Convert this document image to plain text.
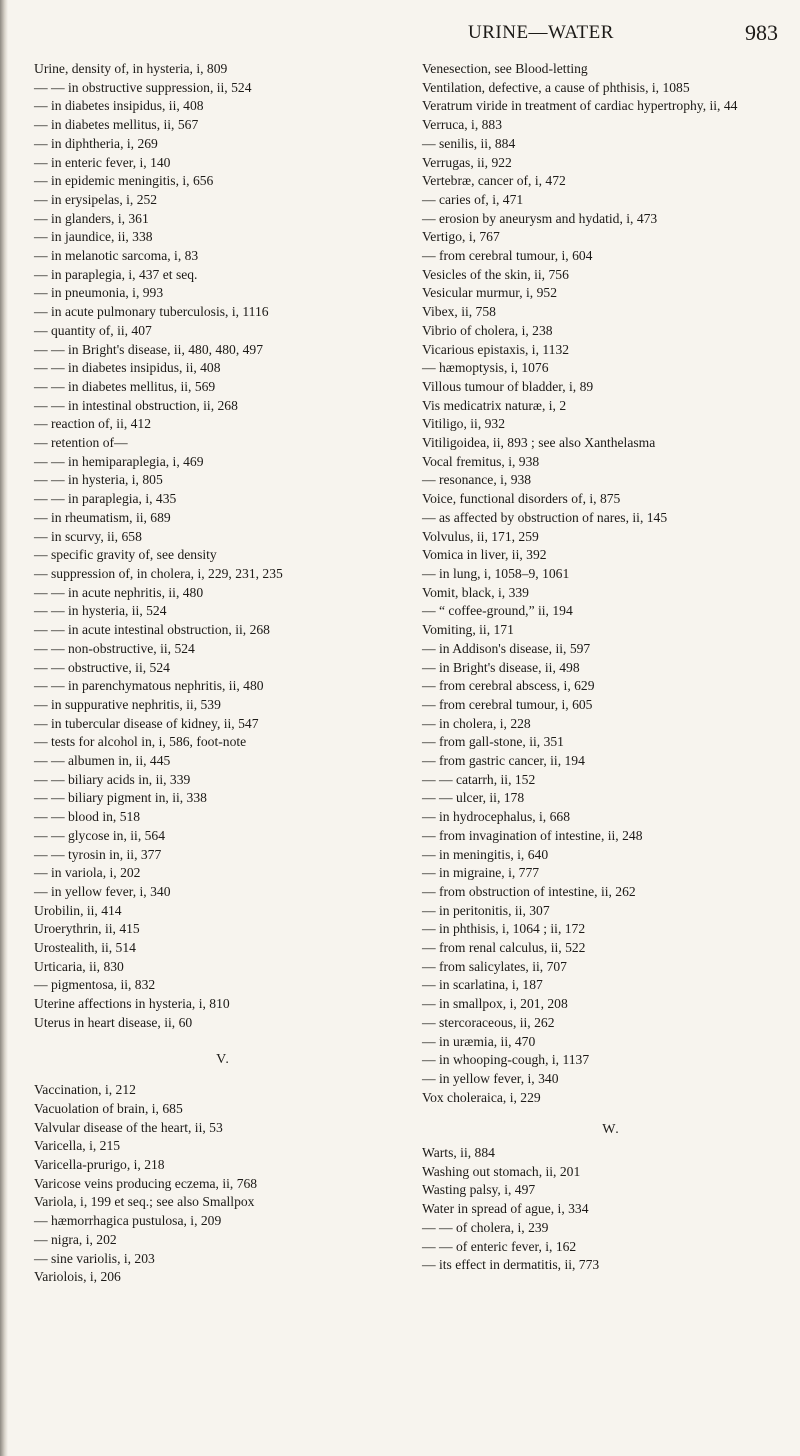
URINE—WATER	983
Urine, density of, in hysteria, i, 809
— — in obstructive suppression, ii, 524
— in diabetes insipidus, ii, 408
— in diabetes mellitus, ii, 567
— in diphtheria, i, 269
— in enteric fever, i, 140
— in epidemic meningitis, i, 656
— in erysipelas, i, 252
— in glanders, i, 361
— in jaundice, ii, 338
— in melanotic sarcoma, i, 83
— in paraplegia, i, 437 et seq.
— in pneumonia, i, 993
— in acute pulmonary tuberculosis, i, 1116
— quantity of, ii, 407
— — in Bright's disease, ii, 480, 480, 497
— — in diabetes insipidus, ii, 408
— — in diabetes mellitus, ii, 569
— — in intestinal obstruction, ii, 268
— reaction of, ii, 412
— retention of—
— — in hemiparaplegia, i, 469
— — in hysteria, i, 805
— — in paraplegia, i, 435
— in rheumatism, ii, 689
— in scurvy, ii, 658
— specific gravity of, see density
— suppression of, in cholera, i, 229, 231, 235
— — in acute nephritis, ii, 480
— — in hysteria, ii, 524
— — in acute intestinal obstruction, ii, 268
— — non-obstructive, ii, 524
— — obstructive, ii, 524
— — in parenchymatous nephritis, ii, 480
— in suppurative nephritis, ii, 539
— in tubercular disease of kidney, ii, 547
— tests for alcohol in, i, 586, foot-note
— — albumen in, ii, 445
— — biliary acids in, ii, 339
— — biliary pigment in, ii, 338
— — blood in, 518
— — glycose in, ii, 564
— — tyrosin in, ii, 377
— in variola, i, 202
— in yellow fever, i, 340
Urobilin, ii, 414
Uroerythrin, ii, 415
Urostealith, ii, 514
Urticaria, ii, 830
— pigmentosa, ii, 832
Uterine affections in hysteria, i, 810
Uterus in heart disease, ii, 60
V.
Vaccination, i, 212
Vacuolation of brain, i, 685
Valvular disease of the heart, ii, 53
Varicella, i, 215
Varicella-prurigo, i, 218
Varicose veins producing eczema, ii, 768
Variola, i, 199 et seq.; see also Smallpox
— hæmorrhagica pustulosa, i, 209
— nigra, i, 202
— sine variolis, i, 203
Variolois, i, 206
Venesection, see Blood-letting
Ventilation, defective, a cause of phthisis, i, 1085
Veratrum viride in treatment of cardiac hypertrophy, ii, 44
Verruca, i, 883
— senilis, ii, 884
Verrugas, ii, 922
Vertebræ, cancer of, i, 472
— caries of, i, 471
— erosion by aneurysm and hydatid, i, 473
Vertigo, i, 767
— from cerebral tumour, i, 604
Vesicles of the skin, ii, 756
Vesicular murmur, i, 952
Vibex, ii, 758
Vibrio of cholera, i, 238
Vicarious epistaxis, i, 1132
— hæmoptysis, i, 1076
Villous tumour of bladder, i, 89
Vis medicatrix naturæ, i, 2
Vitiligo, ii, 932
Vitiligoidea, ii, 893 ; see also Xanthelasma
Vocal fremitus, i, 938
— resonance, i, 938
Voice, functional disorders of, i, 875
— as affected by obstruction of nares, ii, 145
Volvulus, ii, 171, 259
Vomica in liver, ii, 392
— in lung, i, 1058–9, 1061
Vomit, black, i, 339
— “ coffee-ground,” ii, 194
Vomiting, ii, 171
— in Addison's disease, ii, 597
— in Bright's disease, ii, 498
— from cerebral abscess, i, 629
— from cerebral tumour, i, 605
— in cholera, i, 228
— from gall-stone, ii, 351
— from gastric cancer, ii, 194
— — catarrh, ii, 152
— — ulcer, ii, 178
— in hydrocephalus, i, 668
— from invagination of intestine, ii, 248
— in meningitis, i, 640
— in migraine, i, 777
— from obstruction of intestine, ii, 262
— in peritonitis, ii, 307
— in phthisis, i, 1064 ; ii, 172
— from renal calculus, ii, 522
— from salicylates, ii, 707
— in scarlatina, i, 187
— in smallpox, i, 201, 208
— stercoraceous, ii, 262
— in uræmia, ii, 470
— in whooping-cough, i, 1137
— in yellow fever, i, 340
Vox choleraica, i, 229
W.
Warts, ii, 884
Washing out stomach, ii, 201
Wasting palsy, i, 497
Water in spread of ague, i, 334
— — of cholera, i, 239
— — of enteric fever, i, 162
— its effect in dermatitis, ii, 773
